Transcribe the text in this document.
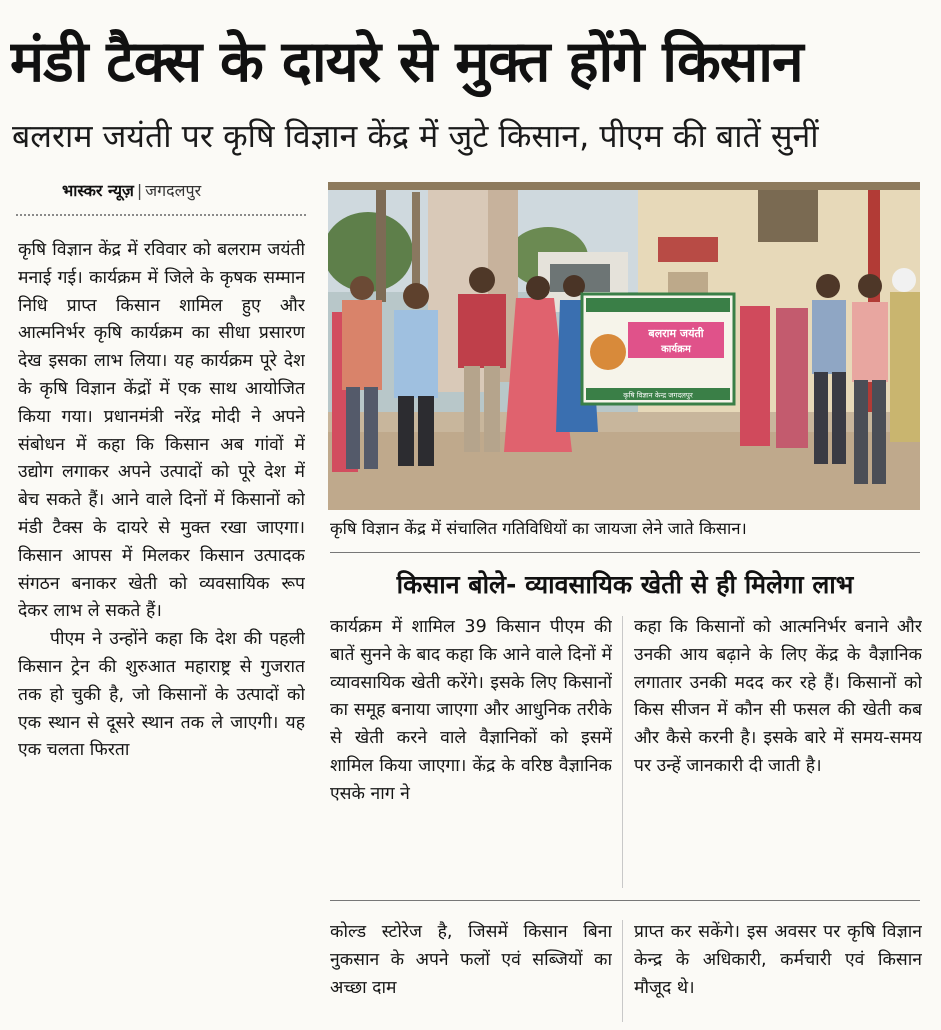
मंडी टैक्स के दायरे से मुक्त होंगे किसान
बलराम जयंती पर कृषि विज्ञान केंद्र में जुटे किसान, पीएम की बातें सुनीं
भास्कर न्यूज़ | जगदलपुर

कृषि विज्ञान केंद्र में रविवार को बलराम जयंती मनाई गई। कार्यक्रम में जिले के कृषक सम्मान निधि प्राप्त किसान शामिल हुए और आत्मनिर्भर कृषि कार्यक्रम का सीधा प्रसारण देख इसका लाभ लिया। यह कार्यक्रम पूरे देश के कृषि विज्ञान केंद्रों में एक साथ आयोजित किया गया। प्रधानमंत्री नरेंद्र मोदी ने अपने संबोधन में कहा कि किसान अब गांवों में उद्योग लगाकर अपने उत्पादों को पूरे देश में बेच सकते हैं। आने वाले दिनों में किसानों को मंडी टैक्स के दायरे से मुक्त रखा जाएगा। किसान आपस में मिलकर किसान उत्पादक संगठन बनाकर खेती को व्यवसायिक रूप देकर लाभ ले सकते हैं।

पीएम ने उन्होंने कहा कि देश की पहली किसान ट्रेन की शुरुआत महाराष्ट्र से गुजरात तक हो चुकी है, जो किसानों के उत्पादों को एक स्थान से दूसरे स्थान तक ले जाएगी। यह एक चलता फिरता

बलराम जयंती
कार्यक्रम
कृषि विज्ञान केन्द्र जगदलपुर
कृषि विज्ञान केंद्र में संचालित गतिविधियों का जायजा लेने जाते किसान।
किसान बोले- व्यावसायिक खेती से ही मिलेगा लाभ

कार्यक्रम में शामिल 39 किसान पीएम की बातें सुनने के बाद कहा कि आने वाले दिनों में व्यावसायिक खेती करेंगे। इसके लिए किसानों का समूह बनाया जाएगा और आधुनिक तरीके से खेती करने वाले वैज्ञानिकों को इसमें शामिल किया जाएगा। केंद्र के वरिष्ठ वैज्ञानिक एसके नाग ने

कहा कि किसानों को आत्मनिर्भर बनाने और उनकी आय बढ़ाने के लिए केंद्र के वैज्ञानिक लगातार उनकी मदद कर रहे हैं। किसानों को किस सीजन में कौन सी फसल की खेती कब और कैसे करनी है। इसके बारे में समय-समय पर उन्हें जानकारी दी जाती है।

कोल्ड स्टोरेज है, जिसमें किसान बिना नुकसान के अपने फलों एवं सब्जियों का अच्छा दाम

प्राप्त कर सकेंगे। इस अवसर पर कृषि विज्ञान केन्द्र के अधिकारी, कर्मचारी एवं किसान मौजूद थे।
